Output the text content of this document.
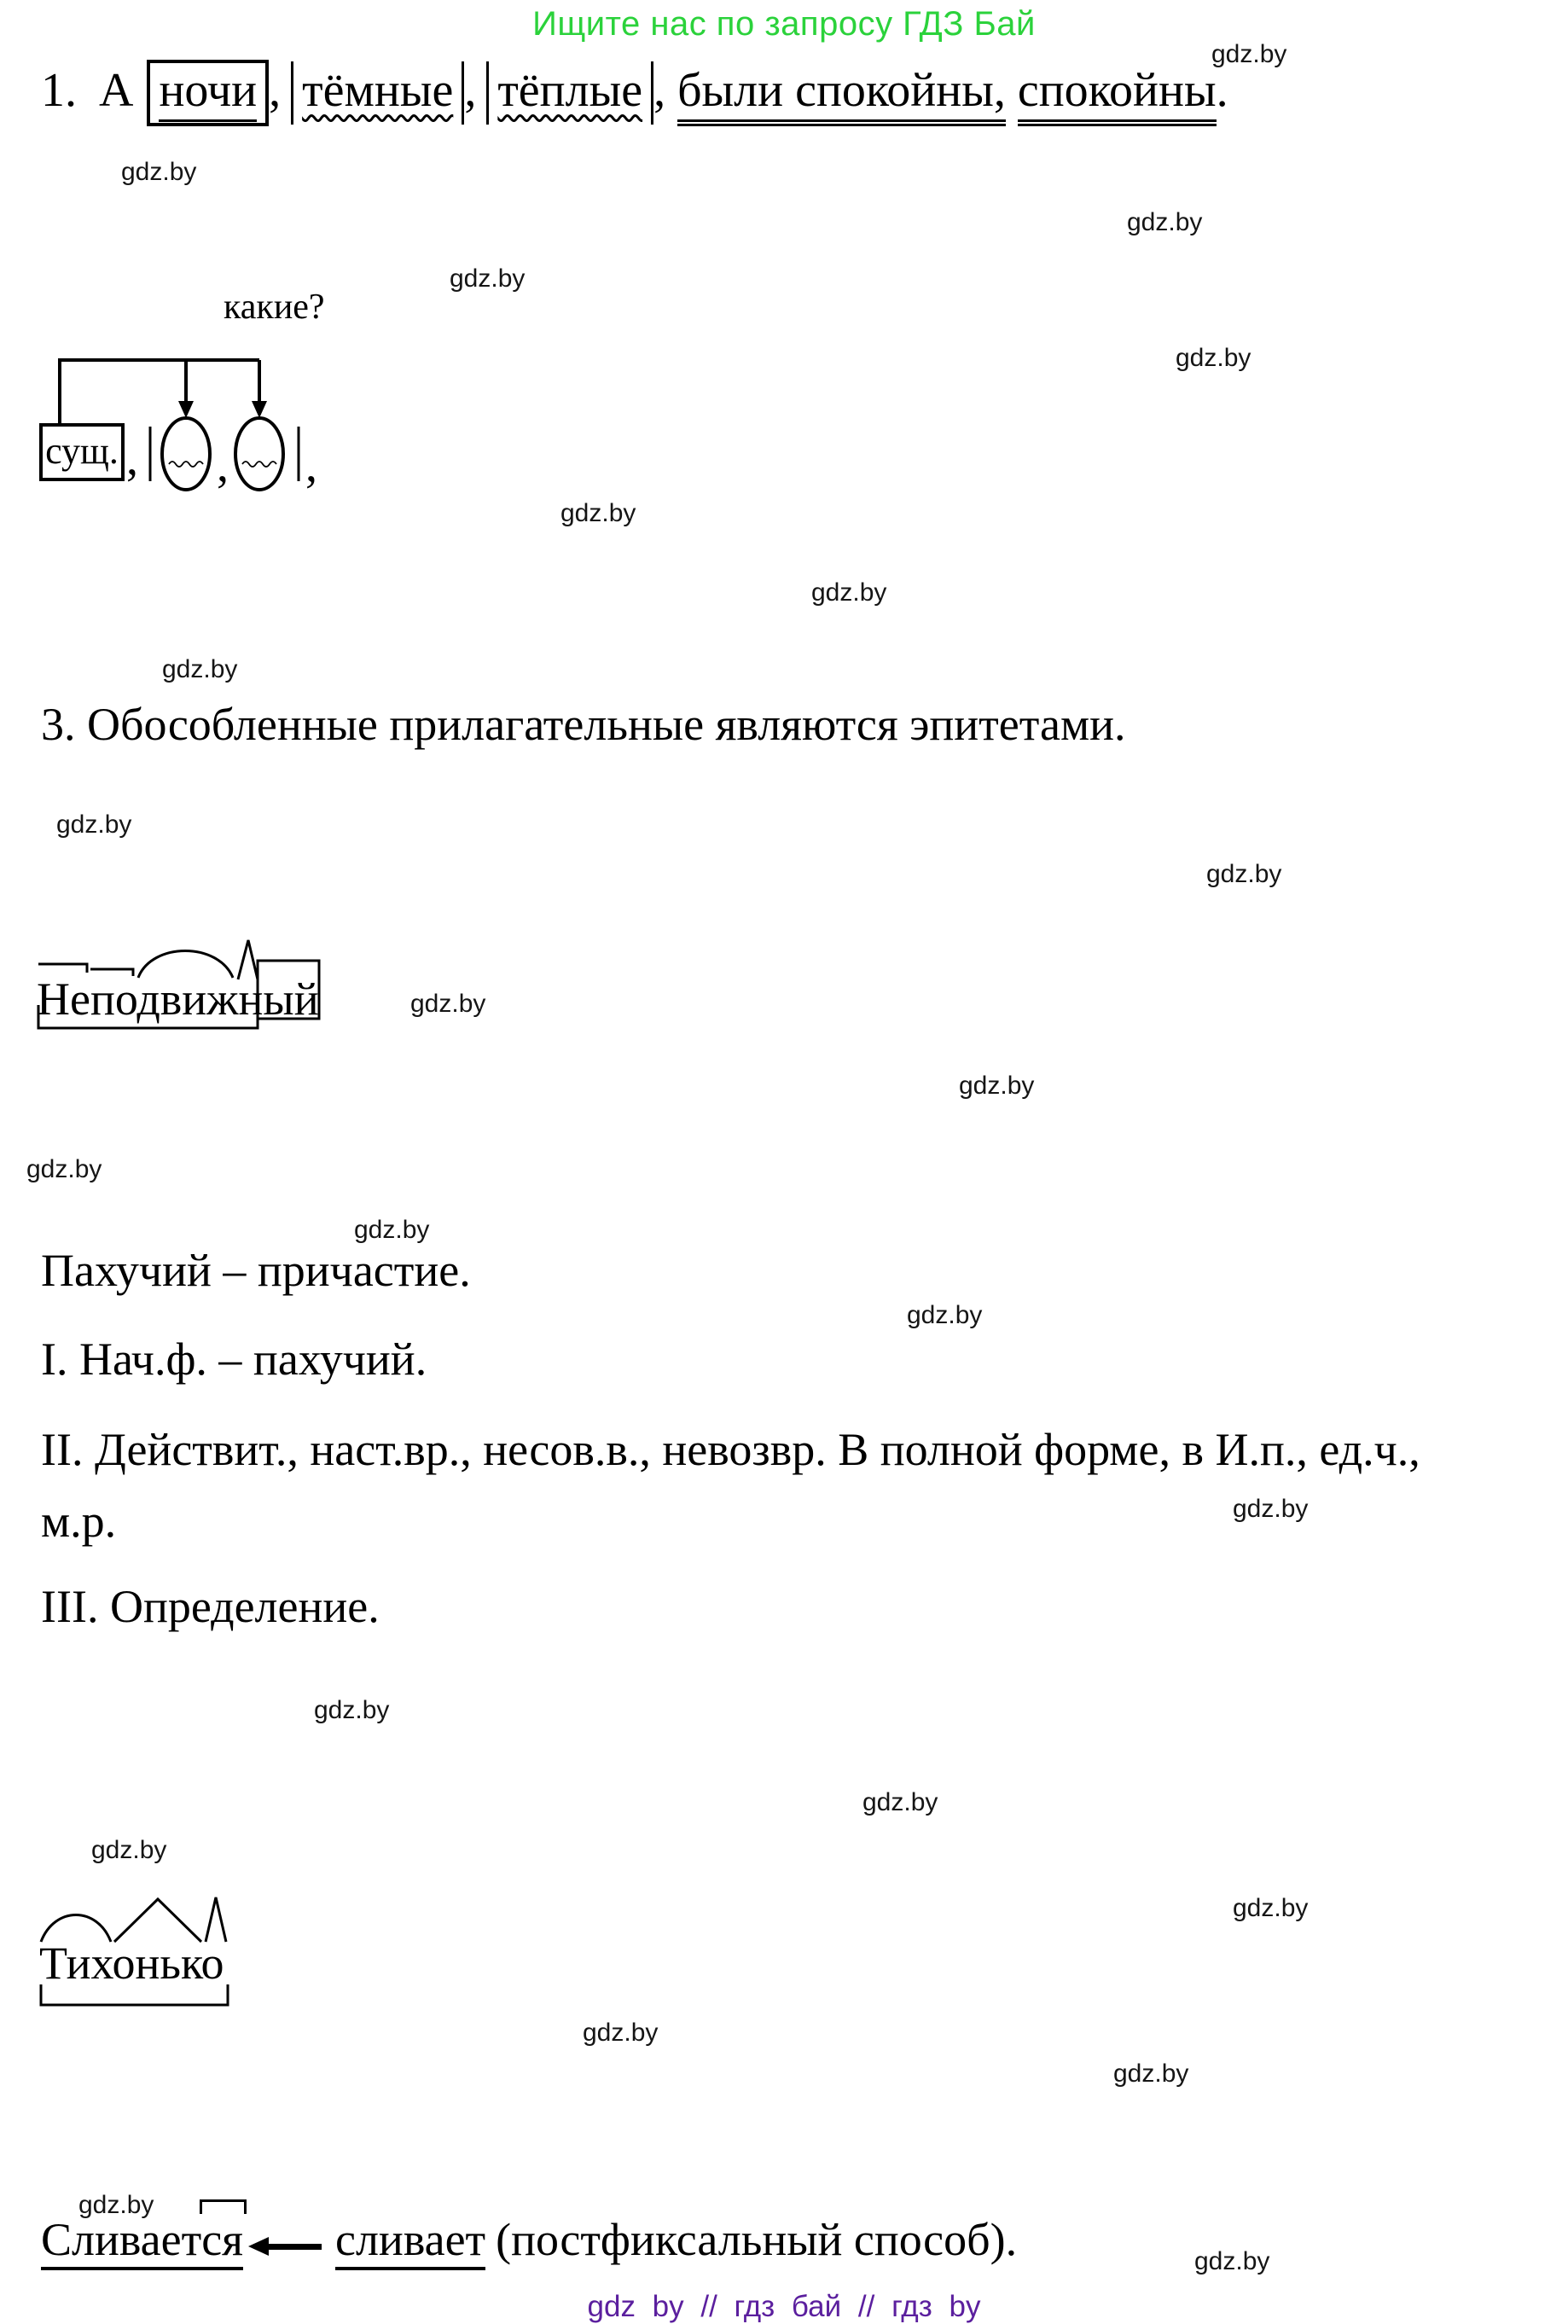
Ищите нас по запросу ГДЗ Бай
gdz.by
gdz.by
gdz.by
gdz.by
gdz.by
gdz.by
gdz.by
gdz.by
gdz.by
gdz.by
gdz.by
gdz.by
gdz.by
gdz.by
gdz.by
gdz.by
gdz.by
gdz.by
gdz.by
gdz.by
gdz.by
gdz.by
gdz.by
gdz.by
1. А ночи , тёмные , тёплые , были спокойны, спокойны.
какие?
сущ. , , ,
3. Обособленные прилагательные являются эпитетами.
Неподвижный
Пахучий – причастие.
I. Нач.ф. – пахучий.
II. Действит., наст.вр., несов.в., невозвр. В полной форме, в И.п., ед.ч.,
м.р.
III. Определение.
Тихонько
Сливается сливает (постфиксальный способ).
gdz by // гдз бай // гдз by
